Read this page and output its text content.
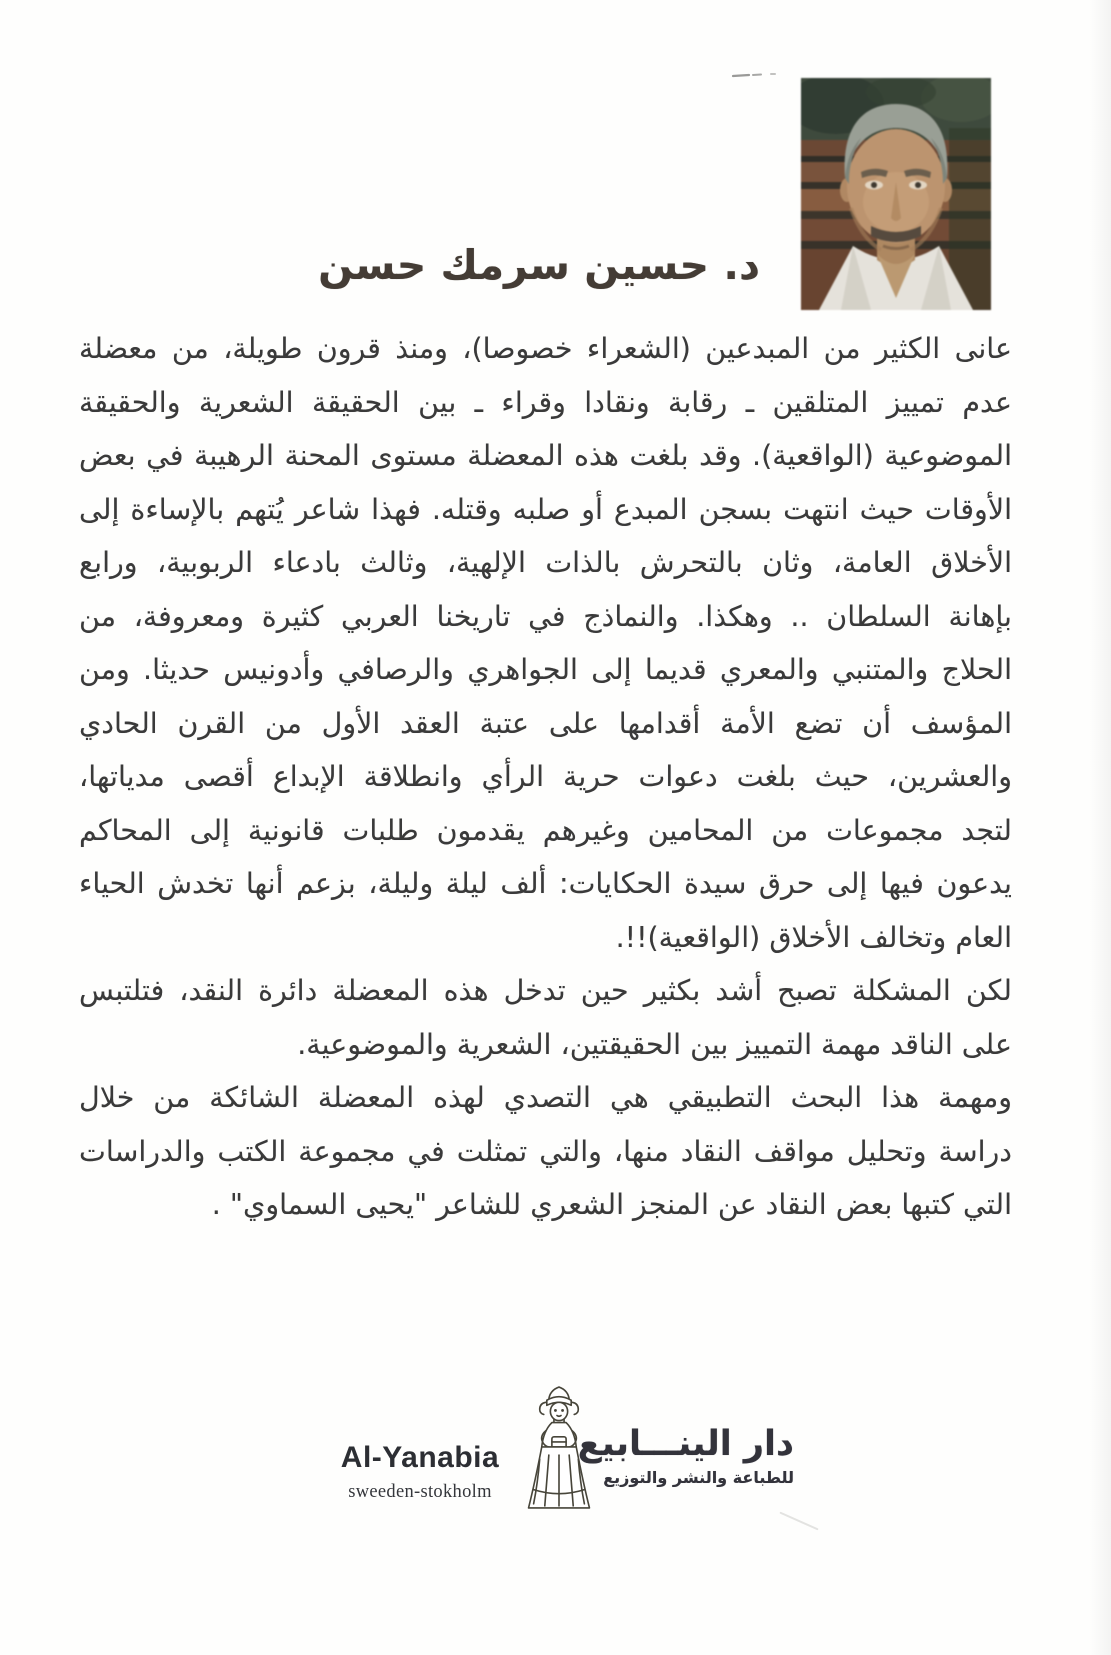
د. حسين سرمك حسن
عانى الكثير من المبدعين (الشعراء خصوصا)، ومنذ قرون طويلة، من معضلة
عدم تمييز المتلقين ـ رقابة ونقادا وقراء ـ بين الحقيقة الشعرية والحقيقة
الموضوعية (الواقعية). وقد بلغت هذه المعضلة مستوى المحنة الرهيبة في بعض
الأوقات حيث انتهت بسجن المبدع أو صلبه وقتله. فهذا شاعر يُتهم بالإساءة إلى
الأخلاق العامة، وثان بالتحرش بالذات الإلهية، وثالث بادعاء الربوبية، ورابع
بإهانة السلطان .. وهكذا. والنماذج في تاريخنا العربي كثيرة ومعروفة، من
الحلاج والمتنبي والمعري قديما إلى الجواهري والرصافي وأدونيس حديثا. ومن
المؤسف أن تضع الأمة أقدامها على عتبة العقد الأول من القرن الحادي
والعشرين، حيث بلغت دعوات حرية الرأي وانطلاقة الإبداع أقصى مدياتها،
لتجد مجموعات من المحامين وغيرهم يقدمون طلبات قانونية إلى المحاكم
يدعون فيها إلى حرق سيدة الحكايات: ألف ليلة وليلة، بزعم أنها تخدش الحياء
العام وتخالف الأخلاق (الواقعية)!!.
لكن المشكلة تصبح أشد بكثير حين تدخل هذه المعضلة دائرة النقد، فتلتبس
على الناقد مهمة التمييز بين الحقيقتين، الشعرية والموضوعية.
ومهمة هذا البحث التطبيقي هي التصدي لهذه المعضلة الشائكة من خلال
دراسة وتحليل مواقف النقاد منها، والتي تمثلت في مجموعة الكتب والدراسات
التي كتبها بعض النقاد عن المنجز الشعري للشاعر "يحيى السماوي" .
Al-Yanabia
sweeden-stokholm
دار الينـــابيع
للطباعة والنشر والتوزيع
